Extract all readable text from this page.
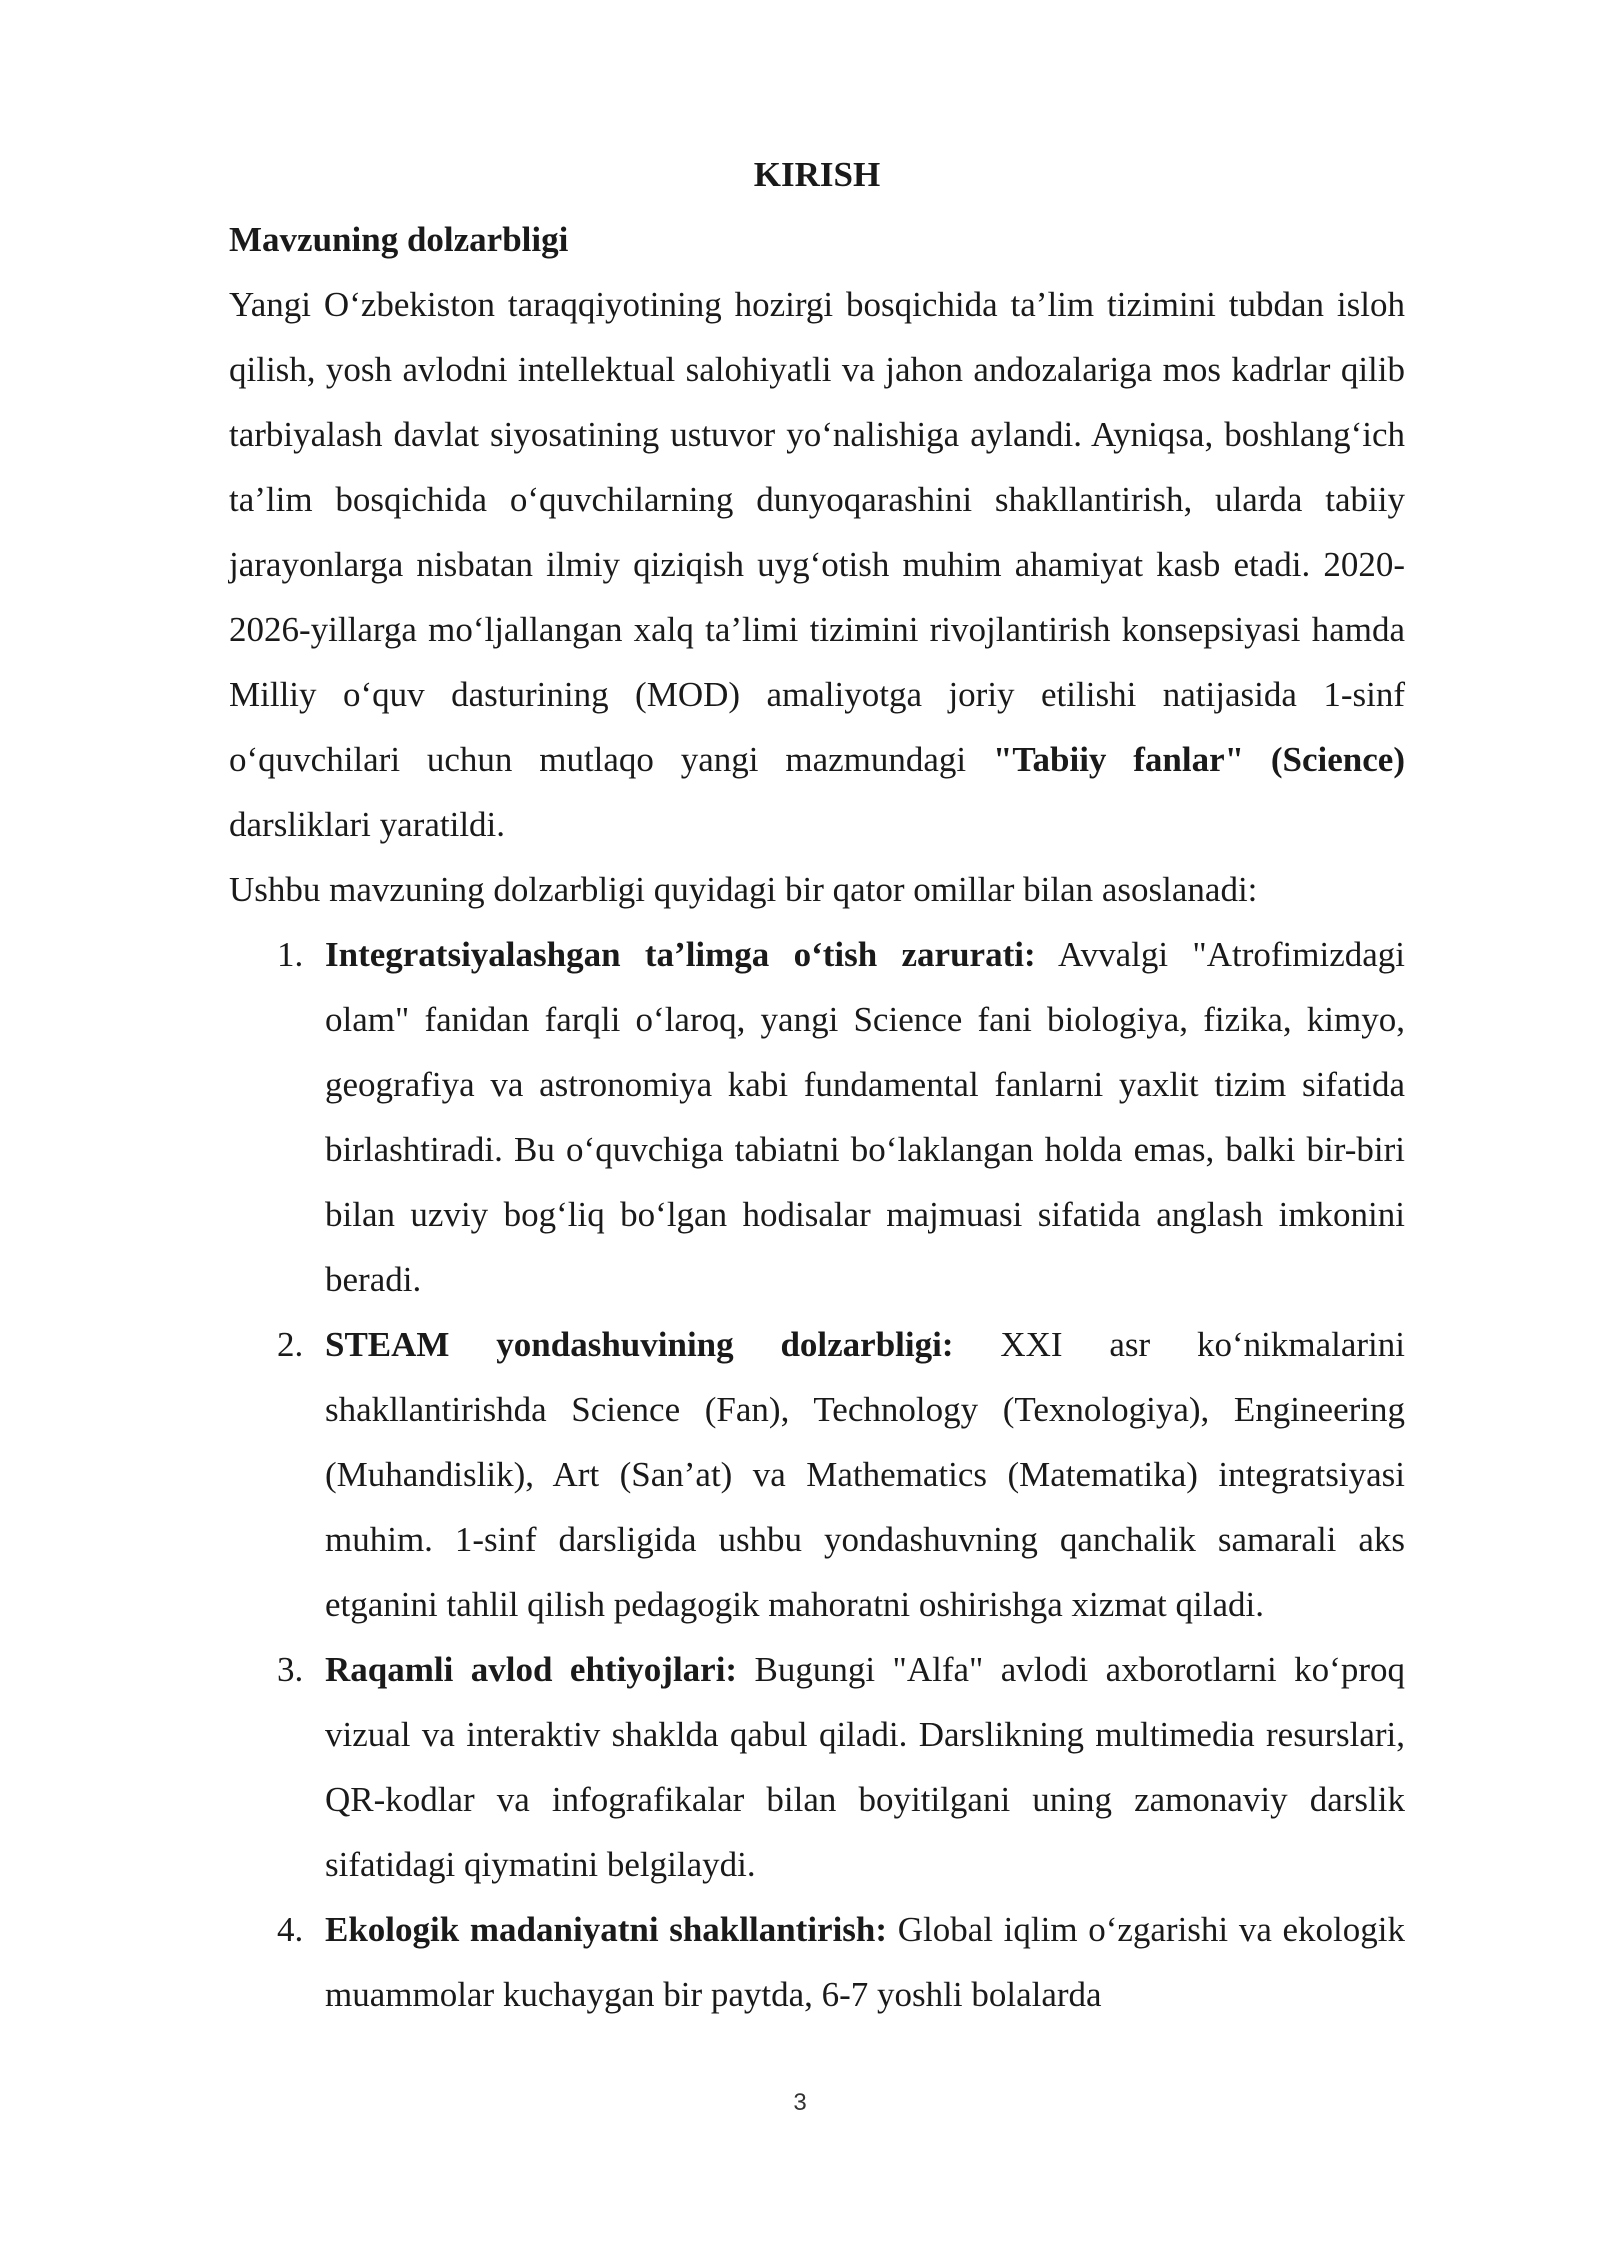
KIRISH

Mavzuning dolzarbligi

Yangi O‘zbekiston taraqqiyotining hozirgi bosqichida ta’lim tizimini tubdan isloh qilish, yosh avlodni intellektual salohiyatli va jahon andozalariga mos kadrlar qilib tarbiyalash davlat siyosatining ustuvor yo‘nalishiga aylandi. Ayniqsa, boshlang‘ich ta’lim bosqichida o‘quvchilarning dunyoqarashini shakllantirish, ularda tabiiy jarayonlarga nisbatan ilmiy qiziqish uyg‘otish muhim ahamiyat kasb etadi. 2020-2026-yillarga mo‘ljallangan xalq ta’limi tizimini rivojlantirish konsepsiyasi hamda Milliy o‘quv dasturining (MOD) amaliyotga joriy etilishi natijasida 1-sinf o‘quvchilari uchun mutlaqo yangi mazmundagi "Tabiiy fanlar" (Science) darsliklari yaratildi.

Ushbu mavzuning dolzarbligi quyidagi bir qator omillar bilan asoslanadi:

1. Integratsiyalashgan ta’limga o‘tish zarurati: Avvalgi "Atrofimizdagi olam" fanidan farqli o‘laroq, yangi Science fani biologiya, fizika, kimyo, geografiya va astronomiya kabi fundamental fanlarni yaxlit tizim sifatida birlashtiradi. Bu o‘quvchiga tabiatni bo‘laklangan holda emas, balki bir-biri bilan uzviy bog‘liq bo‘lgan hodisalar majmuasi sifatida anglash imkonini beradi.
2. STEAM yondashuvining dolzarbligi: XXI asr ko‘nikmalarini shakllantirishda Science (Fan), Technology (Texnologiya), Engineering (Muhandislik), Art (San’at) va Mathematics (Matematika) integratsiyasi muhim. 1-sinf darsligida ushbu yondashuvning qanchalik samarali aks etganini tahlil qilish pedagogik mahoratni oshirishga xizmat qiladi.
3. Raqamli avlod ehtiyojlari: Bugungi "Alfa" avlodi axborotlarni ko‘proq vizual va interaktiv shaklda qabul qiladi. Darslikning multimedia resurslari, QR-kodlar va infografikalar bilan boyitilgani uning zamonaviy darslik sifatidagi qiymatini belgilaydi.
4. Ekologik madaniyatni shakllantirish: Global iqlim o‘zgarishi va ekologik muammolar kuchaygan bir paytda, 6-7 yoshli bolalarda
3
